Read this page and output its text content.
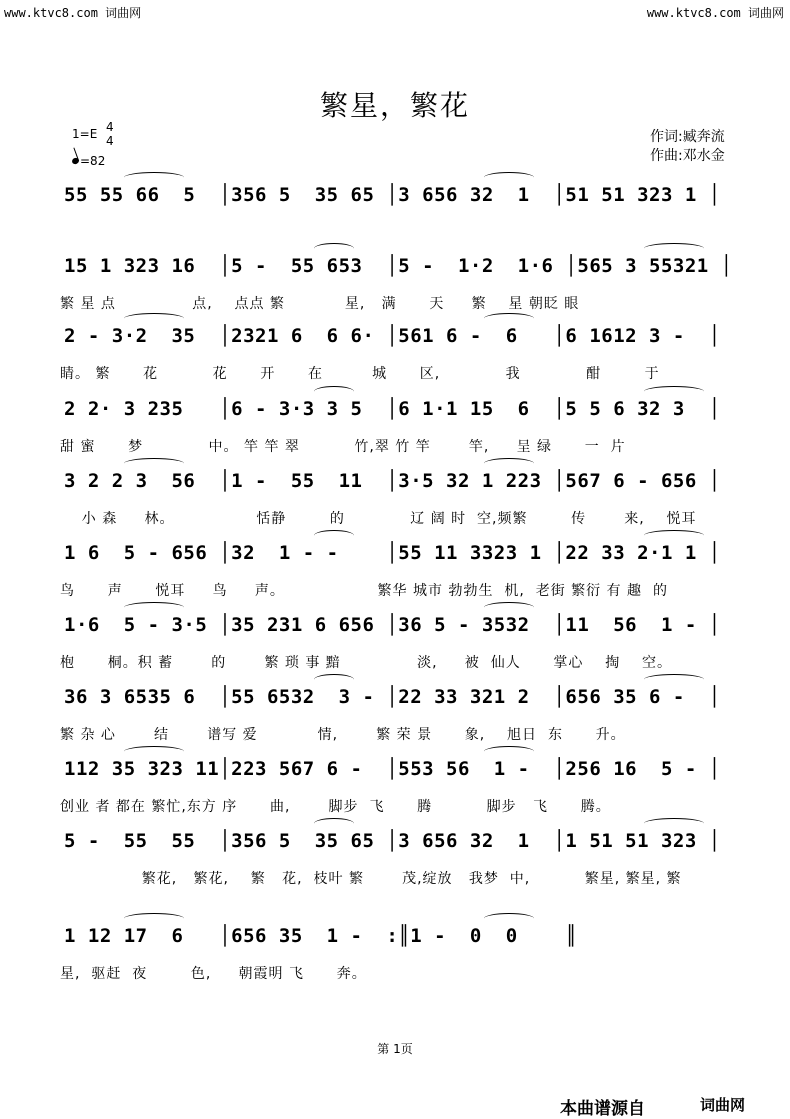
www.ktvc8.com 词曲网	www.ktvc8.com 词曲网
繁星，繁花
1=E 4
4
=82
作词:臧奔流
作曲:邓水金
55 55 66  5  │356 5  35 65 │3 656 32  1  │51 51 323 1 │
15 1 323 16  │5 -  55 653  │5 -  1·2  1·6 │565 3 55321 │
繁 星 点              点,    点点 繁           星,   满      天     繁    星 朝眨 眼
2 - 3·2  35  │2321 6  6 6· │561 6 -  6   │6 1612 3 -  │
睛。 繁      花          花      开      在         城      区,            我            酣        于
2 2· 3 235   │6 - 3·3 3 5  │6 1·1 15  6  │5 5 6 32 3  │
甜 蜜      梦            中。 竿 竿 翠          竹,翠 竹 竿       竿,     呈 绿      一  片
3 2 2 3  56  │1 -  55  11  │3·5 32 1 223 │567 6 - 656 │
小 森     林。               恬静        的            辽 阔 时  空,频繁        传       来,    悦耳
1 6  5 - 656 │32  1 - -    │55 11 3323 1 │22 33 2·1 1 │
鸟      声      悦耳     鸟     声。                 繁华 城市 勃勃生  机,  老街 繁衍 有 趣  的
1·6  5 - 3·5 │35 231 6 656 │36 5 - 3532  │11  56  1 - │
枹      桐。积 蓄       的       繁 琐 事 黯              淡,     被  仙人      掌心    掏    空。
36 3 6535 6  │55 6532  3 - │22 33 321 2  │656 35 6 -  │
繁 杂 心       结       谱写 爱           情,       繁 荣 景      象,    旭日  东      升。
112 35 323 11│223 567 6 -  │553 56  1 -  │256 16  5 - │
创业 者 都在 繁忙,东方 序      曲,       脚步  飞      腾          脚步   飞      腾。
5 -  55  55  │356 5  35 65 │3 656 32  1  │1 51 51 323 │
繁花,   繁花,    繁   花,  枝叶 繁       茂,绽放   我梦  中,          繁星, 繁星, 繁
1 12 17  6   │656 35  1 -  :║1 -  0  0    ║
星,  驱赶  夜        色,     朝霞明 飞      奔。
第 1页
本曲谱源自	词曲网
